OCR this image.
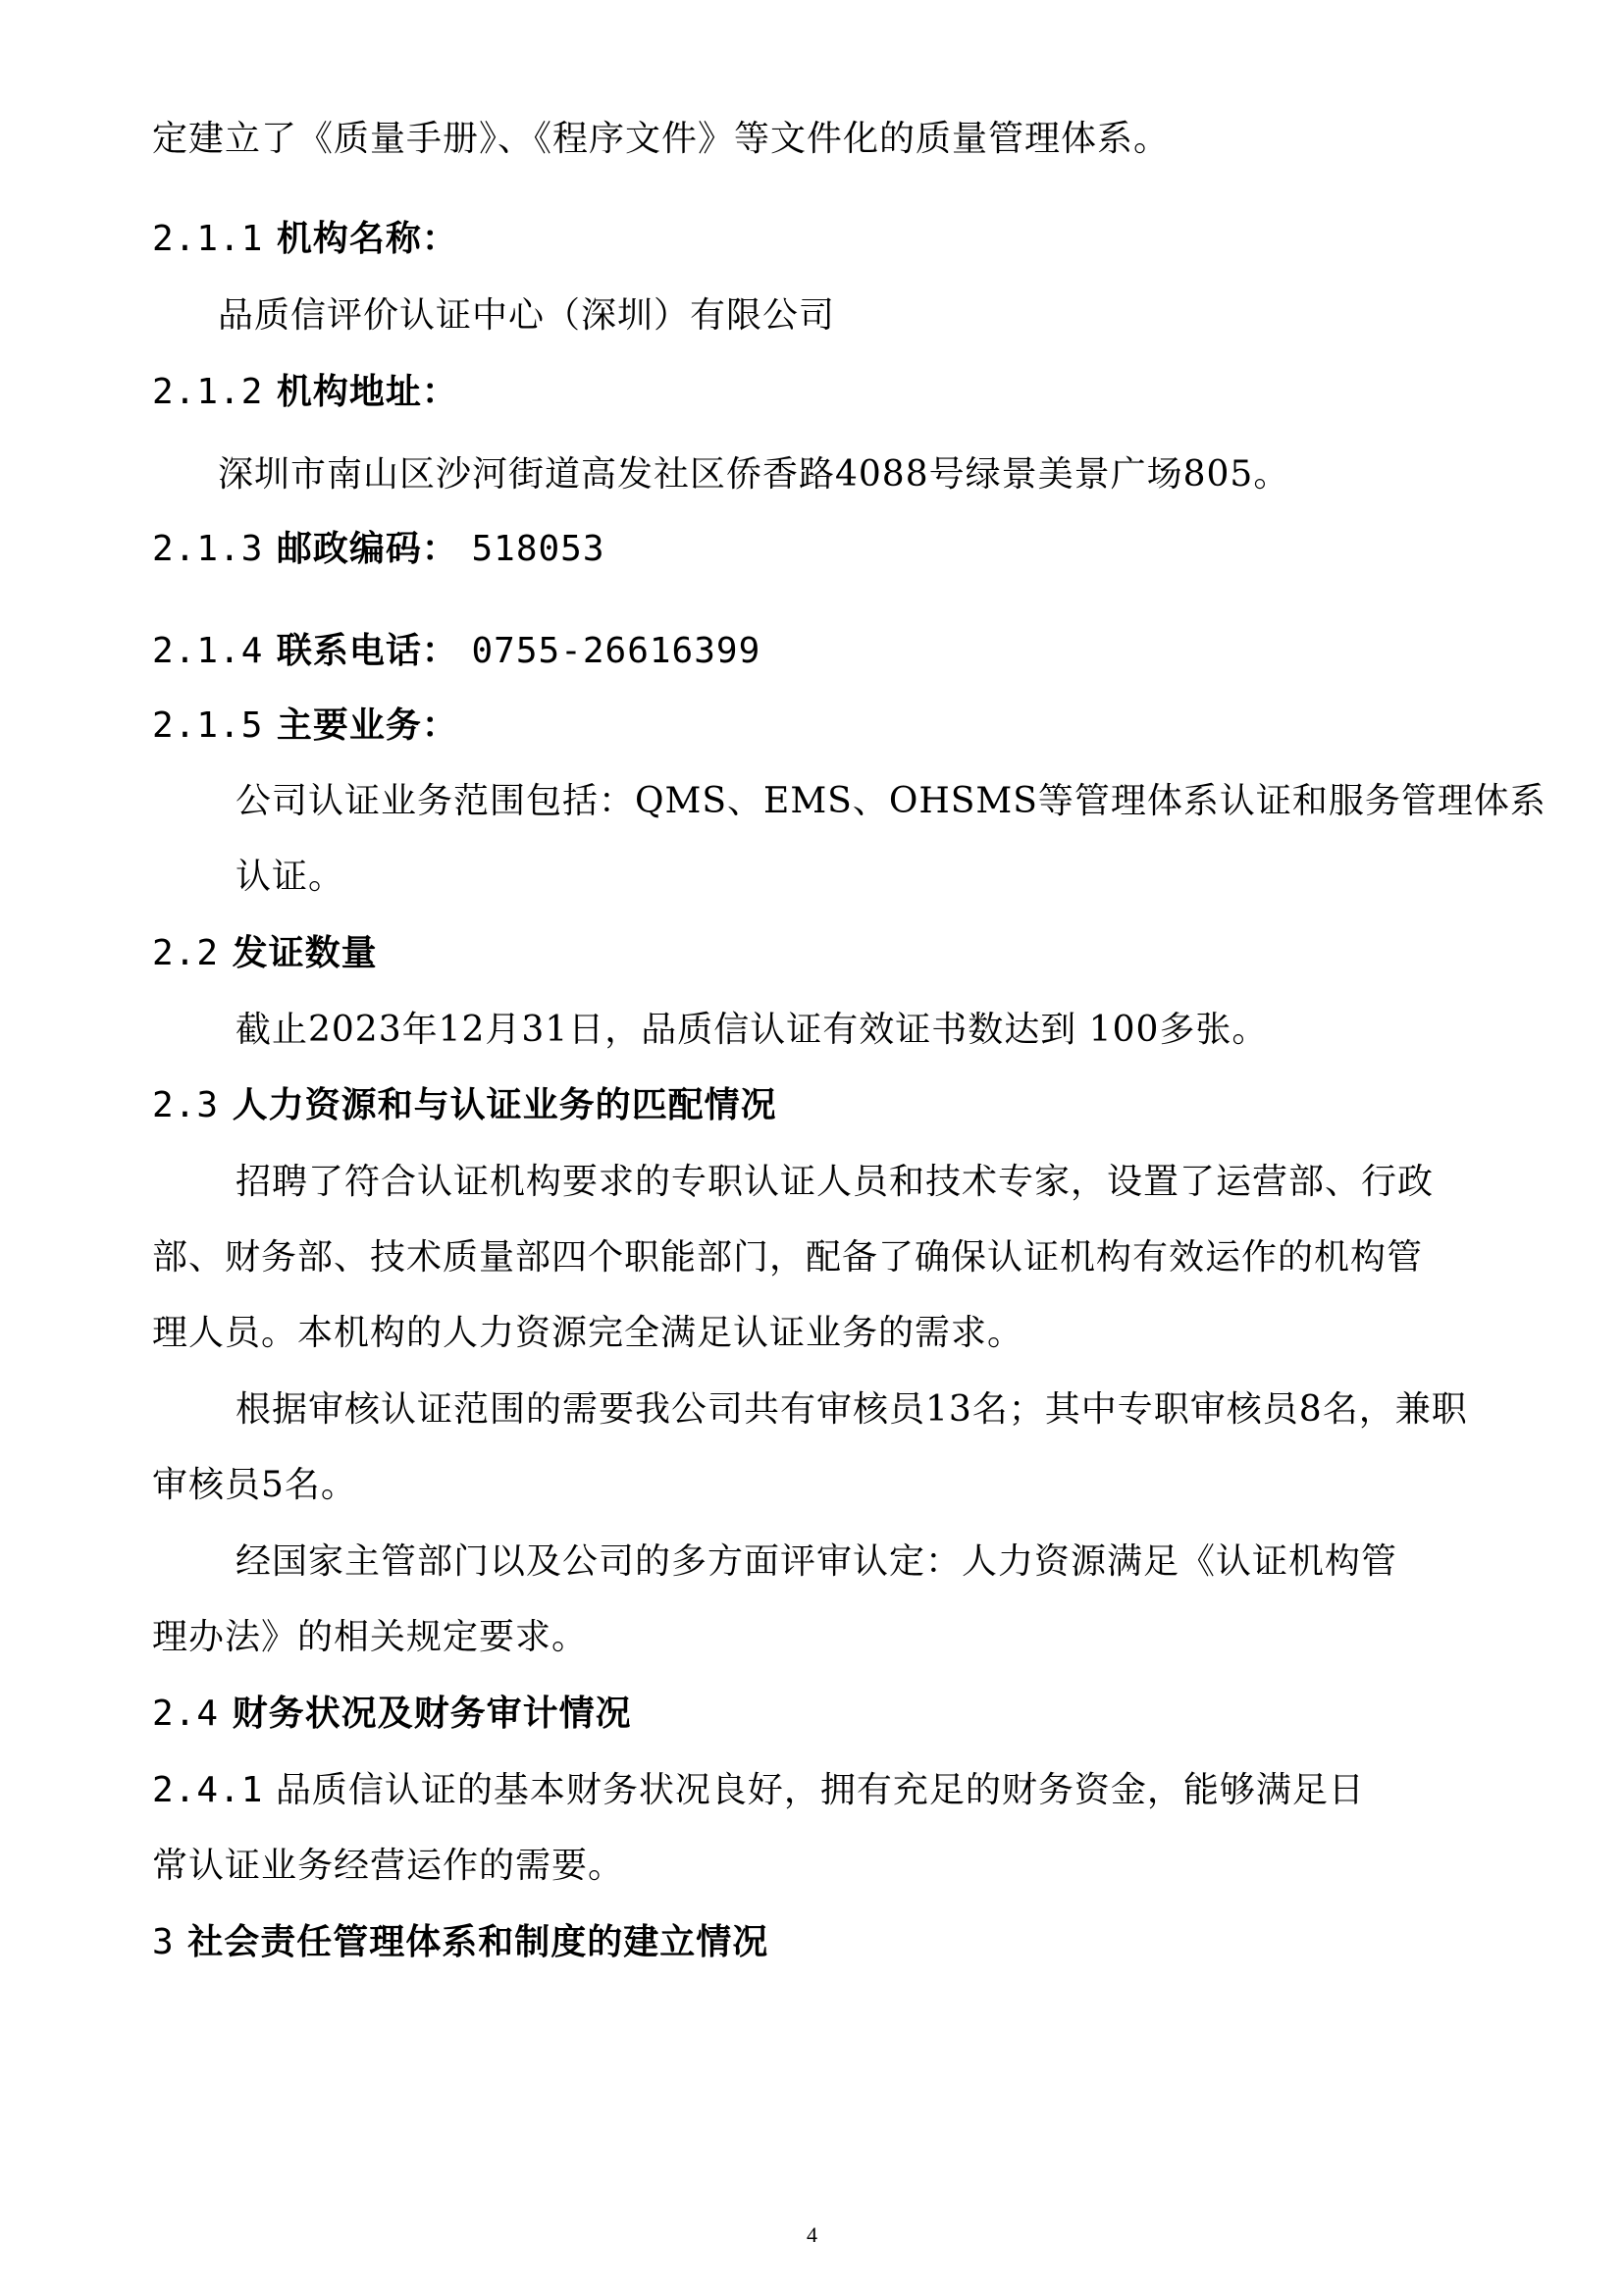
定建立了《质量手册》、《程序文件》等文件化的质量管理体系。
2.1.1 机构名称：
品质信评价认证中心（深圳）有限公司
2.1.2 机构地址：
深圳市南山区沙河街道高发社区侨香路4088号绿景美景广场805。
2.1.3 邮政编码： 518053
2.1.4 联系电话： 0755-26616399
2.1.5 主要业务：
公司认证业务范围包括：QMS、EMS、OHSMS等管理体系认证和服务管理体系
认证。
2.2 发证数量
截止2023年12月31日，品质信认证有效证书数达到 100多张。
2.3 人力资源和与认证业务的匹配情况
招聘了符合认证机构要求的专职认证人员和技术专家，设置了运营部、行政
部、财务部、技术质量部四个职能部门，配备了确保认证机构有效运作的机构管
理人员。本机构的人力资源完全满足认证业务的需求。
根据审核认证范围的需要我公司共有审核员13名；其中专职审核员8名，兼职
审核员5名。
经国家主管部门以及公司的多方面评审认定：人力资源满足《认证机构管
理办法》的相关规定要求。
2.4 财务状况及财务审计情况
2.4.1 品质信认证的基本财务状况良好，拥有充足的财务资金，能够满足日
常认证业务经营运作的需要。
3 社会责任管理体系和制度的建立情况
4
